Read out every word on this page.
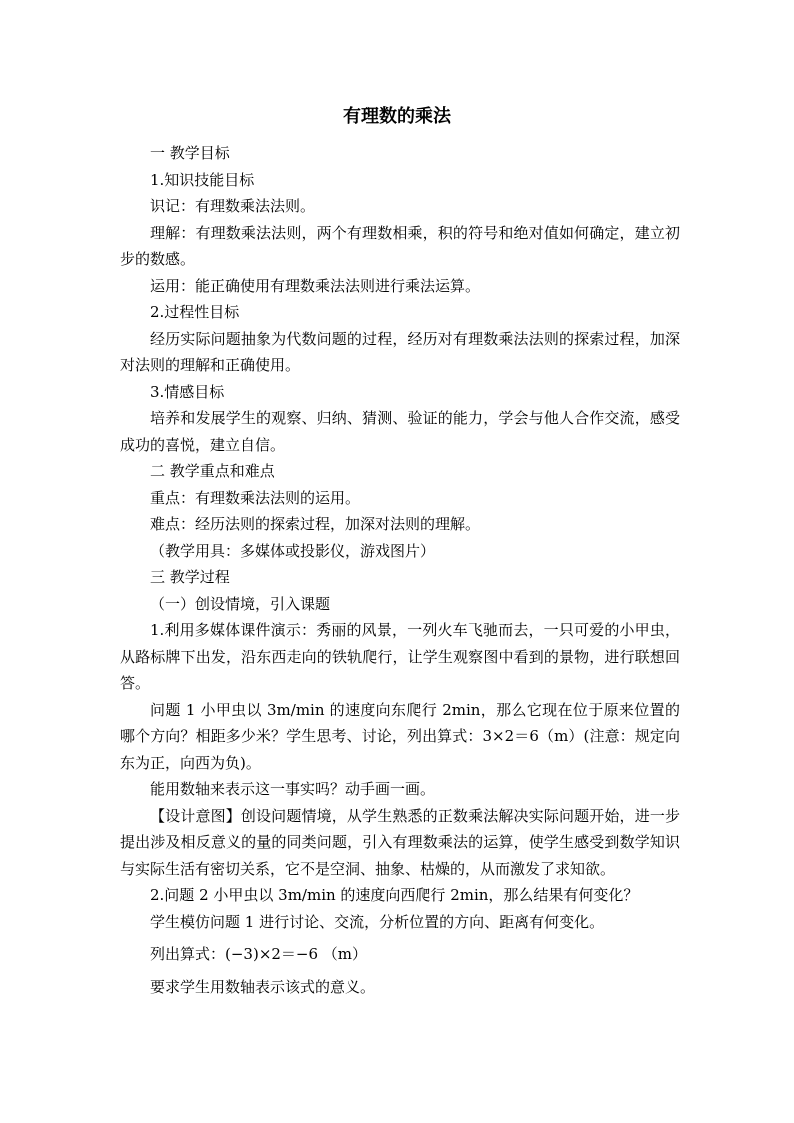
有理数的乘法

一 教学目标

1.知识技能目标

识记：有理数乘法法则。

理解：有理数乘法法则，两个有理数相乘，积的符号和绝对值如何确定，建立初步的数感。

运用：能正确使用有理数乘法法则进行乘法运算。

2.过程性目标

经历实际问题抽象为代数问题的过程，经历对有理数乘法法则的探索过程，加深对法则的理解和正确使用。

3.情感目标

培养和发展学生的观察、归纳、猜测、验证的能力，学会与他人合作交流，感受成功的喜悦，建立自信。

二 教学重点和难点

重点：有理数乘法法则的运用。

难点：经历法则的探索过程，加深对法则的理解。

（教学用具：多媒体或投影仪，游戏图片）

三 教学过程

（一）创设情境，引入课题

1.利用多媒体课件演示：秀丽的风景，一列火车飞驰而去，一只可爱的小甲虫，从路标牌下出发，沿东西走向的铁轨爬行，让学生观察图中看到的景物，进行联想回答。

问题 1 小甲虫以 3m/min 的速度向东爬行 2min，那么它现在位于原来位置的哪个方向？相距多少米？学生思考、讨论，列出算式：3×2＝6（m）(注意：规定向东为正，向西为负)。

能用数轴来表示这一事实吗？动手画一画。

【设计意图】创设问题情境，从学生熟悉的正数乘法解决实际问题开始，进一步提出涉及相反意义的量的同类问题，引入有理数乘法的运算，使学生感受到数学知识与实际生活有密切关系，它不是空洞、抽象、枯燥的，从而激发了求知欲。

2.问题 2 小甲虫以 3m/min 的速度向西爬行 2min，那么结果有何变化？

学生模仿问题 1 进行讨论、交流，分析位置的方向、距离有何变化。

列出算式：(−3)×2＝−6 （m）

要求学生用数轴表示该式的意义。
